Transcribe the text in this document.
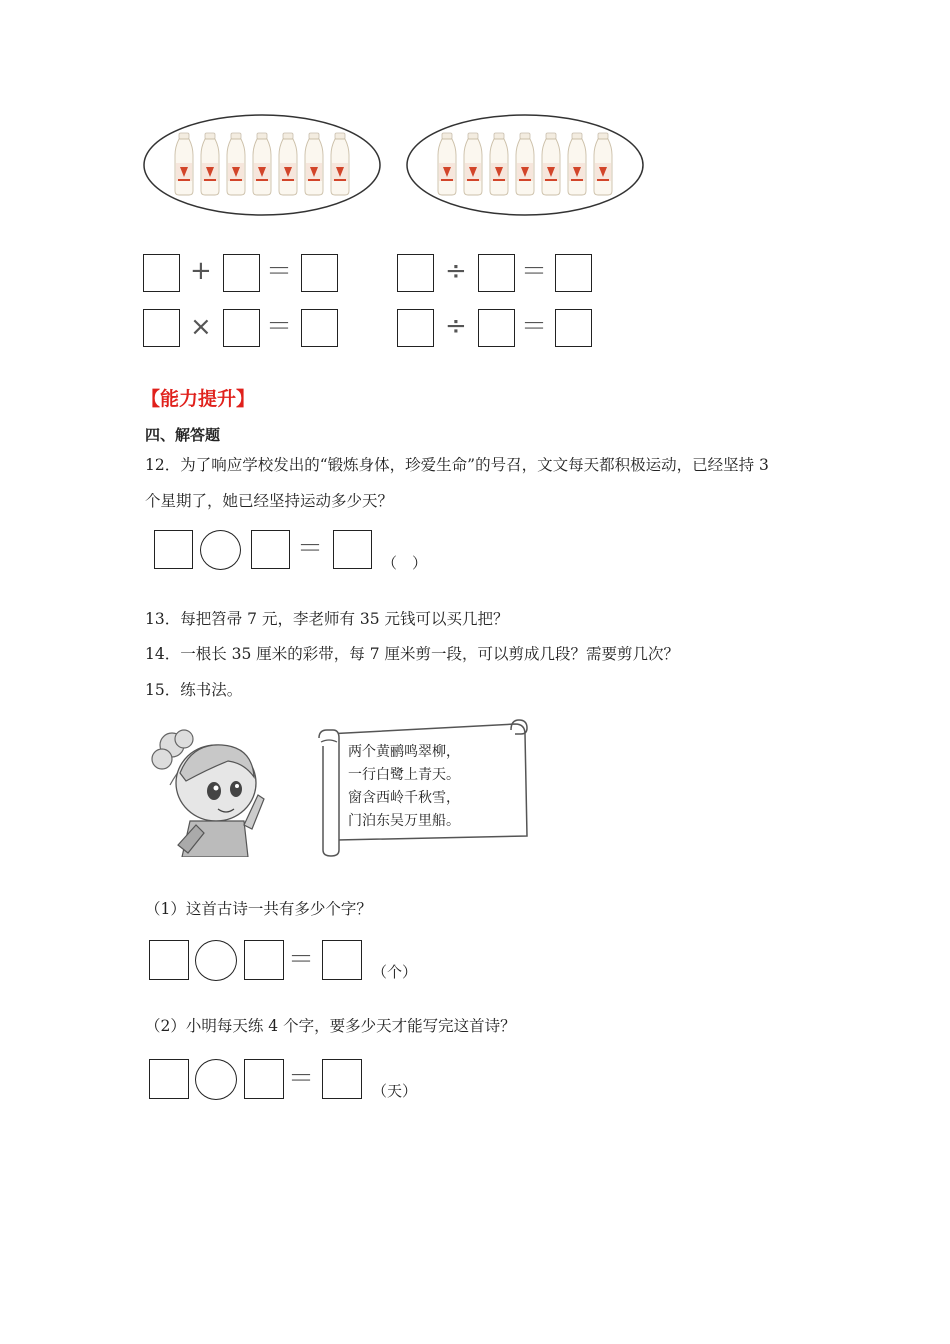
+ ＝	÷ ＝
× ＝	÷ ＝
【能力提升】
四、解答题
12．为了响应学校发出的“锻炼身体，珍爱生命”的号召，文文每天都积极运动，已经坚持 3
个星期了，她已经坚持运动多少天？
＝	（　）
13．每把笤帚 7 元，李老师有 35 元钱可以买几把？
14．一根长 35 厘米的彩带，每 7 厘米剪一段，可以剪成几段？需要剪几次？
15．练书法。
两个黄鹂鸣翠柳，
一行白鹭上青天。
窗含西岭千秋雪，
门泊东吴万里船。
（1）这首古诗一共有多少个字？
＝	（个）
（2）小明每天练 4 个字，要多少天才能写完这首诗？
＝	（天）
